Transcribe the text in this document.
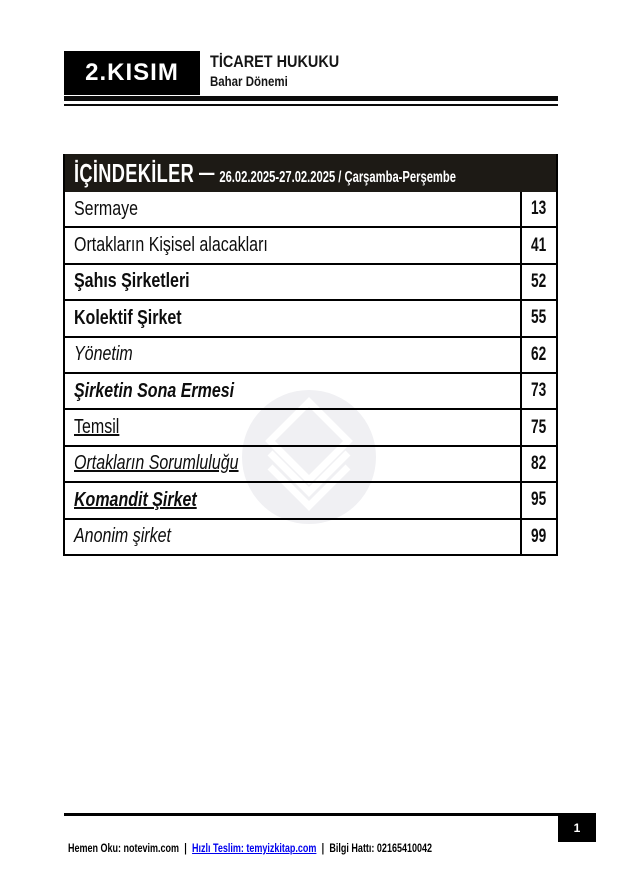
2.KISIM TİCARET HUKUKU
Bahar Dönemi
İÇİNDEKİLER — 26.02.2025-27.02.2025 / Çarşamba-Perşembe
Sermaye	13
Ortakların Kişisel alacakları	41
Şahıs Şirketleri	52
Kolektif Şirket	55
Yönetim	62
Şirketin Sona Ermesi	73
Temsil	75
Ortakların Sorumluluğu	82
Komandit Şirket	95
Anonim şirket	99
1
Hemen Oku: notevim.com | Hızlı Teslim: temyizkitap.com | Bilgi Hattı: 02165410042
